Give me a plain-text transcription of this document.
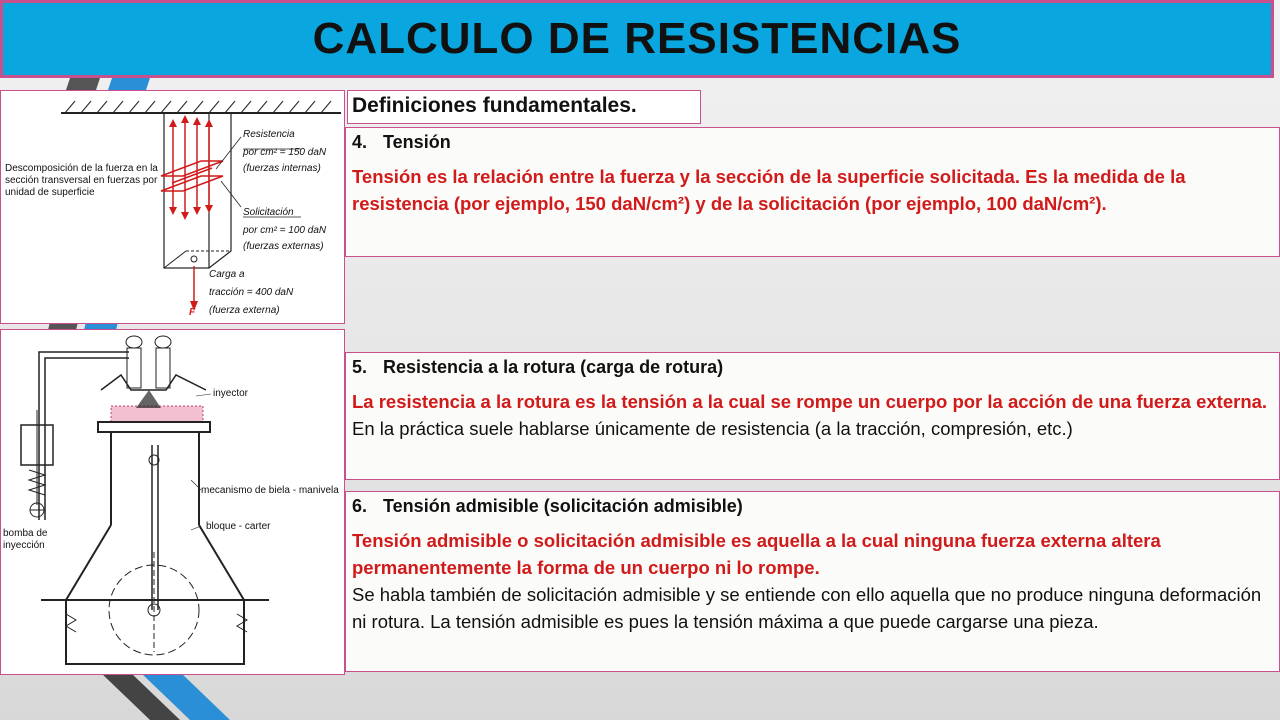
CALCULO DE RESISTENCIAS
Descomposición de la fuerza en la sección transversal en fuerzas por unidad de superficie
Resistencia
por cm² = 150 daN
(fuerzas internas)
Solicitación
por cm² = 100 daN
(fuerzas externas)
Carga a
tracción = 400 daN
(fuerza externa)
F
inyector
mecanismo de biela - manivela
bloque - carter
bomba de inyección
Definiciones fundamentales.
4. Tensión

Tensión es la relación entre la fuerza y la sección de la superficie solicitada. Es la medida de la resistencia (por ejemplo, 150 daN/cm²) y de la solicitación (por ejemplo, 100 daN/cm²).

5. Resistencia a la rotura (carga de rotura)

La resistencia a la rotura es la tensión a la cual se rompe un cuerpo por la acción de una fuerza externa.

En la práctica suele hablarse únicamente de resistencia (a la tracción, compresión, etc.)

6. Tensión admisible (solicitación admisible)

Tensión admisible o solicitación admisible es aquella a la cual ninguna fuerza externa altera permanentemente la forma de un cuerpo ni lo rompe.

Se habla también de solicitación admisible y se entiende con ello aquella que no produce ninguna deformación ni rotura. La tensión admisible es pues la tensión máxima a que puede cargarse una pieza.
